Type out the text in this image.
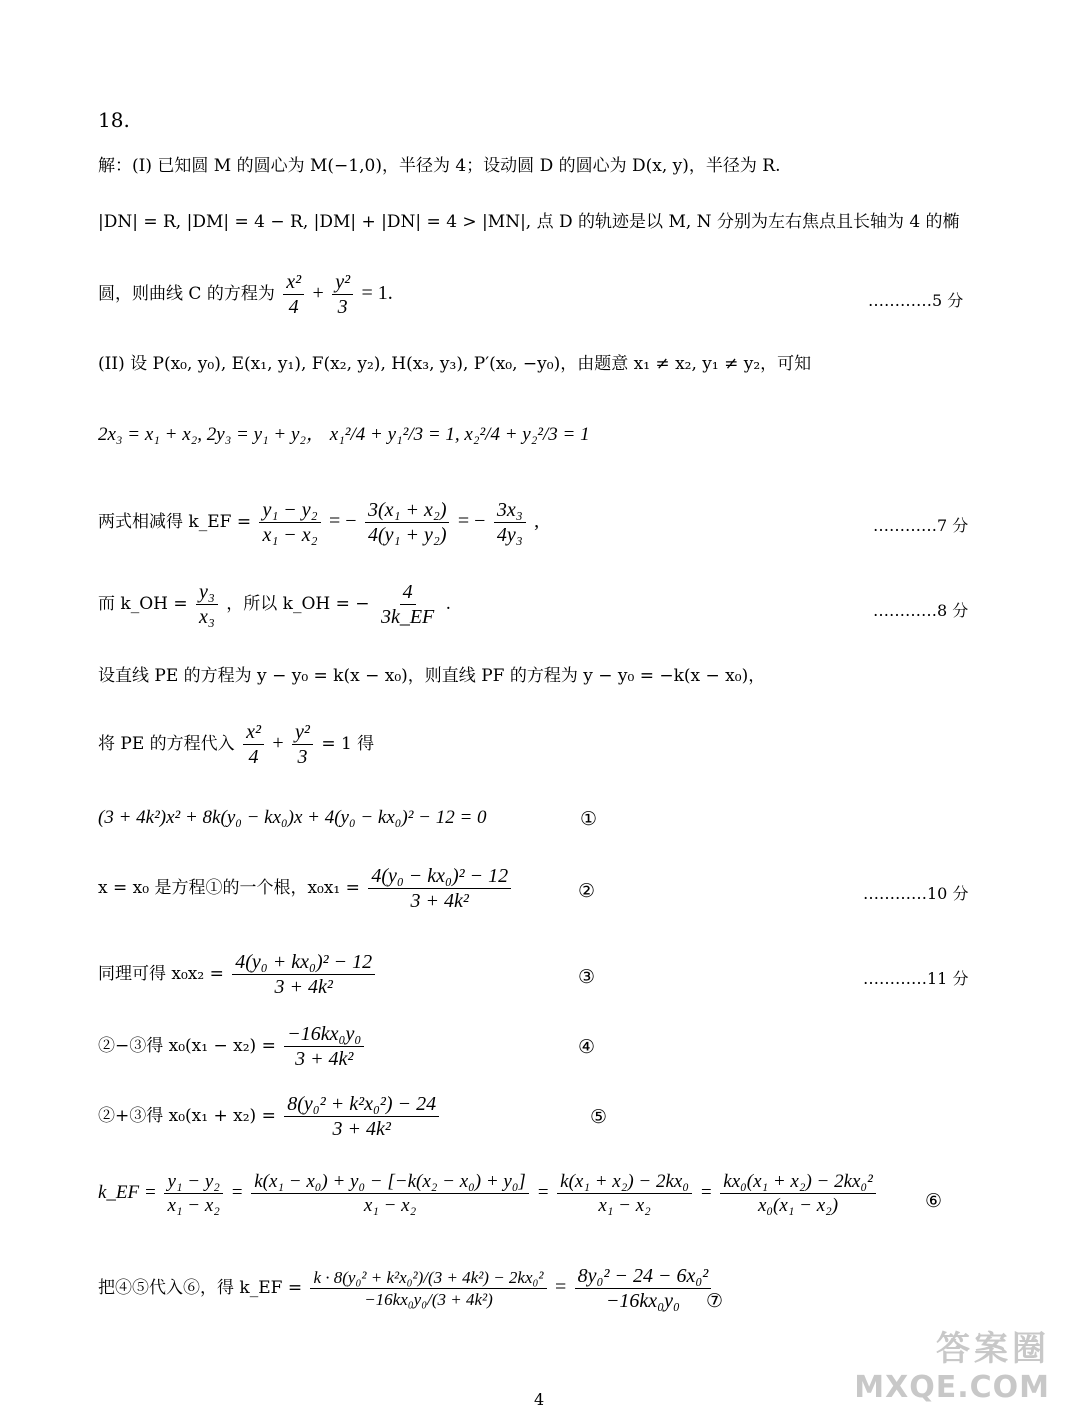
18.
解：(I) 已知圆 M 的圆心为 M(−1,0)，半径为 4；设动圆 D 的圆心为 D(x, y)，半径为 R.
|DN| = R, |DM| = 4 − R, |DM| + |DN| = 4 > |MN|, 点 D 的轨迹是以 M, N 分别为左右焦点且长轴为 4 的椭
圆，则曲线 C 的方程为 $\frac{\text{x²}}{4} + \frac{\text{y²}}{3} = 1$.	…………5 分
(II) 设 P(x₀, y₀), E(x₁, y₁), F(x₂, y₂), H(x₃, y₃), P′(x₀, −y₀)，由题意 x₁ ≠ x₂, y₁ ≠ y₂，可知
2x₃ = x₁ + x₂, 2y₃ = y₁ + y₂， x₁²/4 + y₁²/3 = 1, x₂²/4 + y₂²/3 = 1
两式相减得 k_EF = $\frac{\text{y₁ − y₂}}{\text{x₁ − x₂}}$ = − $\frac{\text{3(x₁ + x₂)}}{\text{4(y₁ + y₂)}}$ = − $\frac{\text{3x₃}}{\text{4y₃}}$ ,	…………7 分
而 k_OH = $\frac{\text{y₃}}{\text{x₃}}$ ，所以 k_OH = − $\frac{4}{3k\_EF}$ .	…………8 分
设直线 PE 的方程为 y − y₀ = k(x − x₀)，则直线 PF 的方程为 y − y₀ = −k(x − x₀)，
将 PE 的方程代入 $\frac{\text{x²}}{4} + \frac{\text{y²}}{3} = 1$ 得
(3 + 4k²)x² + 8k(y₀ − kx₀)x + 4(y₀ − kx₀)² − 12 = 0	①
x = x₀ 是方程①的一个根，$x_0x_1 = \frac{\text{4(y₀ − kx₀)² − 12}}{\text{3 + 4k²}}$	②	…………10 分
同理可得 $x_0x_2 = \frac{\text{4(y₀ + kx₀)² − 12}}{\text{3 + 4k²}}$	③	…………11 分
②−③得 $x_0(x_1 - x_2) = \frac{\text{−16kx₀y₀}}{\text{3 + 4k²}}$	④
②+③得 $x_0(x_1 + x_2) = \frac{\text{8(y₀² + k²x₀²) − 24}}{\text{3 + 4k²}}$	⑤
k_EF = $\frac{\text{y₁ − y₂}}{\text{x₁ − x₂}} = \frac{\text{k(x₁ − x₀) + y₀ − [−k(x₂ − x₀) + y₀]}}{\text{x₁ − x₂}} = \frac{\text{k(x₁ + x₂) − 2kx₀}}{\text{x₁ − x₂}} = \frac{\text{kx₀(x₁ + x₂) − 2kx₀²}}{\text{x₀(x₁ − x₂)}}$	⑥
把④⑤代入⑥，得 k_EF = $\frac{\text{k · 8(y₀² + k²x₀²)/(3 + 4k²) − 2kx₀²}}{\text{−16kx₀y₀/(3 + 4k²)}} = \frac{\text{8y₀² − 24 − 6x₀²}}{\text{−16kx₀y₀}}$
⑦
4
答案圈
MXQE.COM
